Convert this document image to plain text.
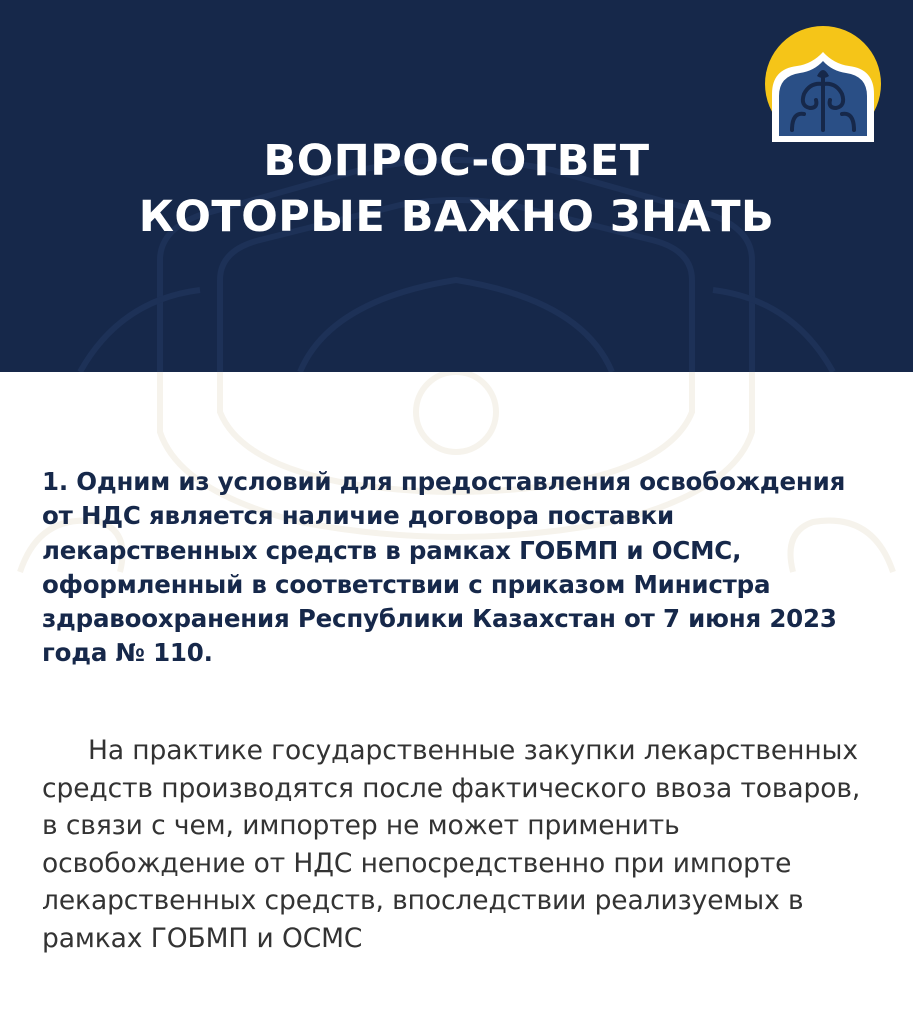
ВОПРОС-ОТВЕТ
КОТОРЫЕ ВАЖНО ЗНАТЬ

1. Одним из условий для предоставления освобождения от НДС является наличие договора поставки лекарственных средств в рамках ГОБМП и ОСМС, оформленный в соответствии с приказом Министра здравоохранения Республики Казахстан от 7 июня 2023 года № 110.

На практике государственные закупки лекарственных средств производятся после фактического ввоза товаров, в связи с чем, импортер не может применить освобождение от НДС непосредственно при импорте лекарственных средств, впоследствии реализуемых в рамках ГОБМП и ОСМС
